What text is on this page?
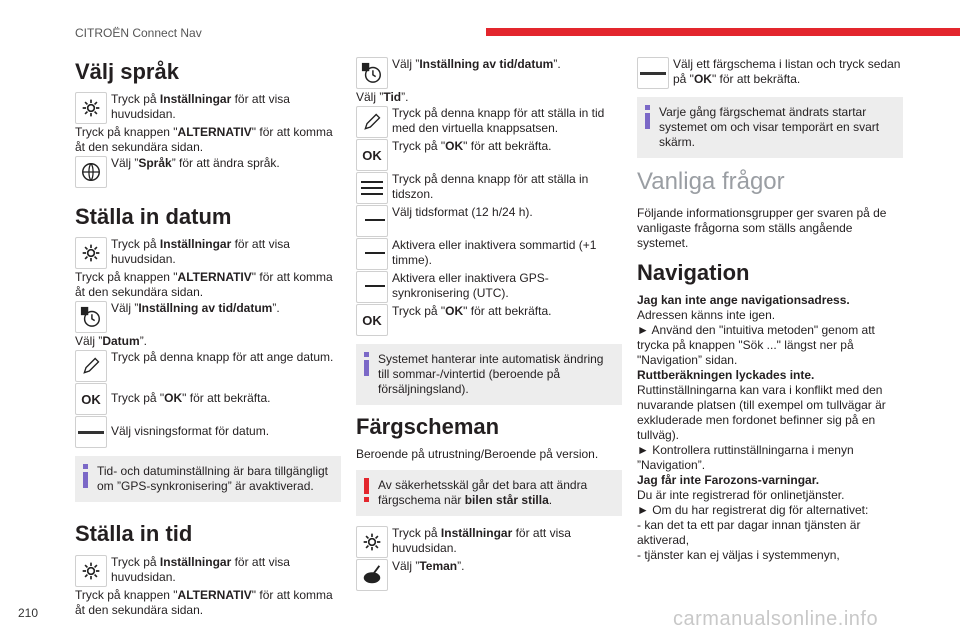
CITROËN Connect Nav
Välj språk
Tryck på Inställningar för att visa huvudsidan.

Tryck på knappen "ALTERNATIV" för att komma åt den sekundära sidan.

Välj ”Språk” för att ändra språk.
Ställa in datum
Tryck på Inställningar för att visa huvudsidan.

Tryck på knappen "ALTERNATIV" för att komma åt den sekundära sidan.

Välj ”Inställning av tid/datum”.

Välj ”Datum”.

Tryck på denna knapp för att ange datum.
OK Tryck på "OK" för att bekräfta.
Välj visningsformat för datum.
Tid- och datuminställning är bara tillgängligt om ”GPS-synkronisering” är avaktiverad.
Ställa in tid
Tryck på Inställningar för att visa huvudsidan.

Tryck på knappen "ALTERNATIV" för att komma åt den sekundära sidan.

Välj ”Inställning av tid/datum”.

Välj ”Tid”.

Tryck på denna knapp för att ställa in tid med den virtuella knappsatsen.
OK
Tryck på "OK" för att bekräfta.
Tryck på denna knapp för att ställa in tidszon.
Välj tidsformat (12 h/24 h).
Aktivera eller inaktivera sommartid (+1 timme).
Aktivera eller inaktivera GPS-synkronisering (UTC).
OK
Tryck på "OK" för att bekräfta.
Systemet hanterar inte automatisk ändring till sommar-/vintertid (beroende på försäljningsland).
Färgscheman

Beroende på utrustning/Beroende på version.

Av säkerhetsskäl går det bara att ändra färgschema när bilen står stilla.
Tryck på Inställningar för att visa huvudsidan.
Välj ”Teman”.
Välj ett färgschema i listan och tryck sedan på "OK" för att bekräfta.
Varje gång färgschemat ändrats startar systemet om och visar temporärt en svart skärm.
Vanliga frågor

Följande informationsgrupper ger svaren på de vanligaste frågorna som ställs angående systemet.

Navigation

Jag kan inte ange navigationsadress.

Adressen känns inte igen.

► Använd den "intuitiva metoden" genom att trycka på knappen "Sök ..." längst ner på "Navigation” sidan.

Ruttberäkningen lyckades inte.

Ruttinställningarna kan vara i konflikt med den nuvarande platsen (till exempel om tullvägar är exkluderade men fordonet befinner sig på en tullväg).

► Kontrollera ruttinställningarna i menyn ”Navigation”.

Jag får inte Farozons-varningar.

Du är inte registrerad för onlinetjänster.

► Om du har registrerat dig för alternativet:

- kan det ta ett par dagar innan tjänsten är aktiverad,

- tjänster kan ej väljas i systemmenyn,

210	carmanualsonline.info
